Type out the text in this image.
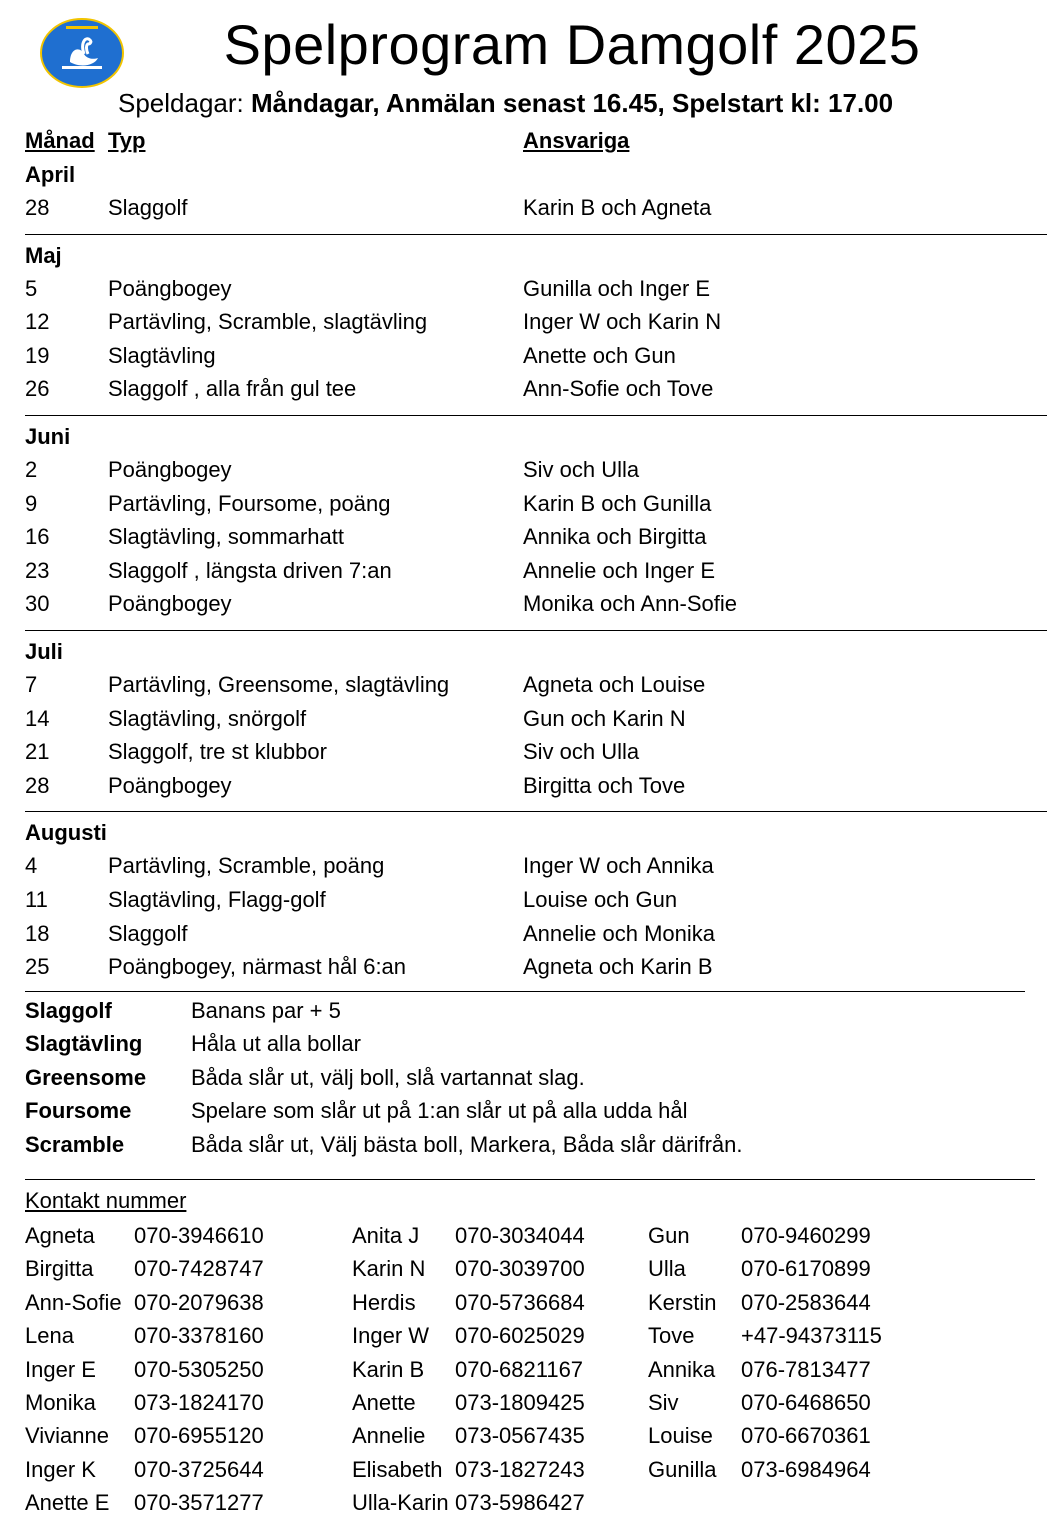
Spelprogram Damgolf 2025
Speldagar: Måndagar, Anmälan senast 16.45, Spelstart kl: 17.00
Månad Typ	Ansvariga
April
28	Slaggolf	Karin B och Agneta
Maj
5	Poängbogey	Gunilla och Inger E
12	Partävling, Scramble, slagtävling	Inger W och Karin N
19	Slagtävling	Anette och Gun
26	Slaggolf , alla från gul tee	Ann-Sofie och Tove
Juni
2	Poängbogey	Siv och Ulla
9	Partävling, Foursome, poäng	Karin B och Gunilla
16	Slagtävling, sommarhatt	Annika och Birgitta
23	Slaggolf , längsta driven 7:an	Annelie och Inger E
30	Poängbogey	Monika och Ann-Sofie
Juli
7	Partävling, Greensome, slagtävling	Agneta och Louise
14	Slagtävling, snörgolf	Gun och Karin N
21	Slaggolf, tre st klubbor	Siv och Ulla
28	Poängbogey	Birgitta och Tove
Augusti
4	Partävling, Scramble, poäng	Inger W och Annika
11	Slagtävling, Flagg-golf	Louise och Gun
18	Slaggolf	Annelie och Monika
25	Poängbogey, närmast hål 6:an	Agneta och Karin B
Slaggolf	Banans par + 5
Slagtävling Håla ut alla bollar
Greensome Båda slår ut, välj boll, slå vartannat slag.
Foursome	Spelare som slår ut på 1:an slår ut på alla udda hål
Scramble	Båda slår ut, Välj bästa boll, Markera, Båda slår därifrån.
Kontakt nummer
Agneta 070-3946610	Anita J 070-3034044	Gun 070-9460299
Birgitta 070-7428747	Karin N 070-3039700	Ulla	070-6170899
Ann-Sofie 070-2079638	Herdis 070-5736684	Kerstin 070-2583644
Lena	070-3378160	Inger W 070-6025029	Tove +47-94373115
Inger E 070-5305250	Karin B 070-6821167	Annika 076-7813477
Monika 073-1824170	Anette 073-1809425	Siv	070-6468650
Vivianne 070-6955120	Annelie 073-0567435	Louise 070-6670361
Inger K 070-3725644	Elisabeth 073-1827243	Gunilla 073-6984964
Anette E 070-3571277	Ulla-Karin 073-5986427
